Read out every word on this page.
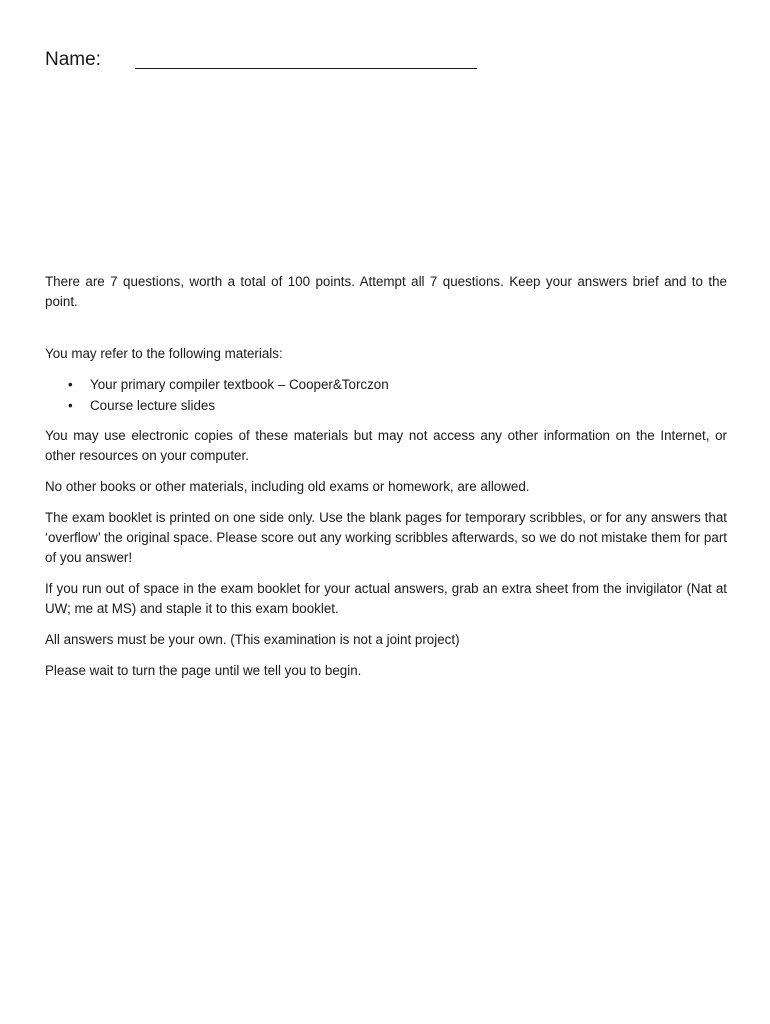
Name:

There are 7 questions, worth a total of 100 points. Attempt all 7 questions. Keep your answers brief and to the point.

You may refer to the following materials:

• Your primary compiler textbook – Cooper&Torczon
• Course lecture slides

You may use electronic copies of these materials but may not access any other information on the Internet, or other resources on your computer.

No other books or other materials, including old exams or homework, are allowed.

The exam booklet is printed on one side only. Use the blank pages for temporary scribbles, or for any answers that ‘overflow’ the original space. Please score out any working scribbles afterwards, so we do not mistake them for part of you answer!

If you run out of space in the exam booklet for your actual answers, grab an extra sheet from the invigilator (Nat at UW; me at MS) and staple it to this exam booklet.

All answers must be your own. (This examination is not a joint project)

Please wait to turn the page until we tell you to begin.
